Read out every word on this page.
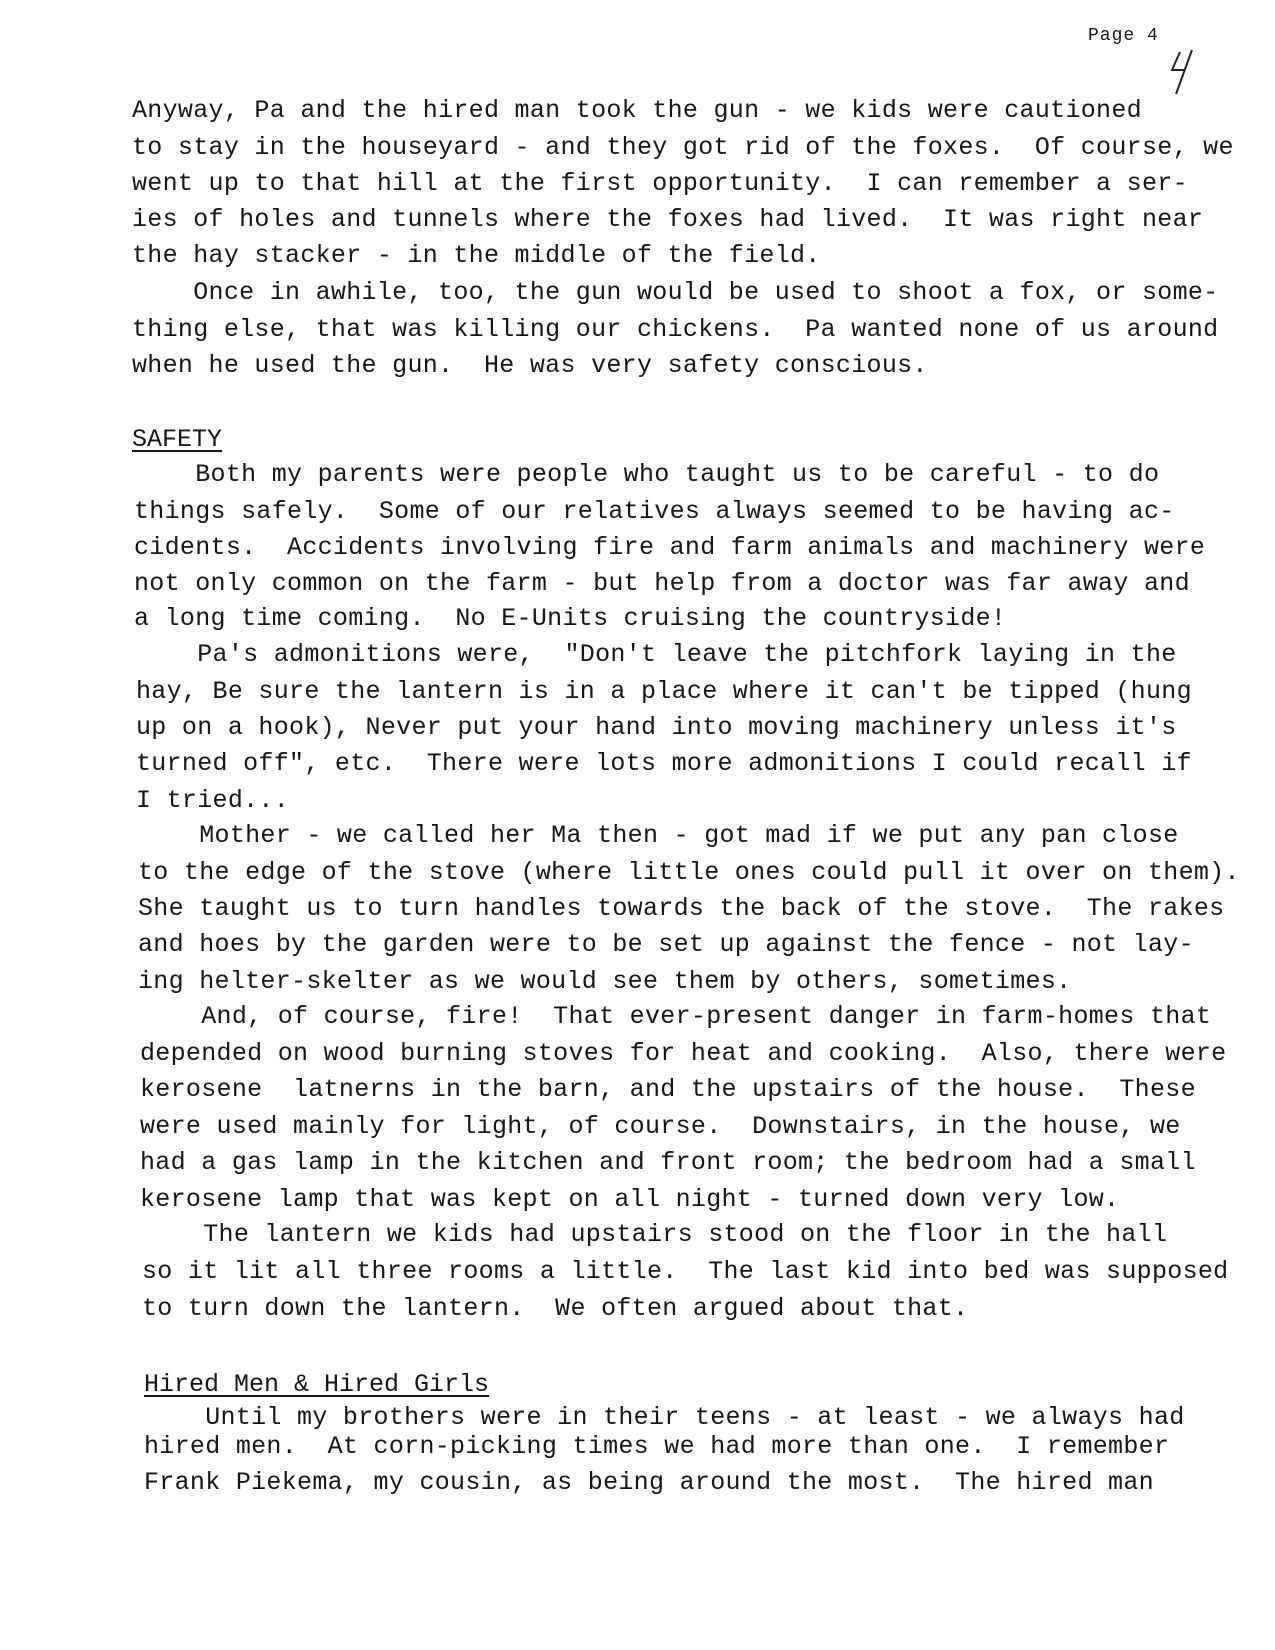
Page 4
Anyway, Pa and the hired man took the gun - we kids were cautioned
to stay in the houseyard - and they got rid of the foxes.  Of course, we
went up to that hill at the first opportunity.  I can remember a ser-
ies of holes and tunnels where the foxes had lived.  It was right near
the hay stacker - in the middle of the field.
Once in awhile, too, the gun would be used to shoot a fox, or some-
thing else, that was killing our chickens.  Pa wanted none of us around
when he used the gun.  He was very safety conscious.
SAFETY
Both my parents were people who taught us to be careful - to do
things safely.  Some of our relatives always seemed to be having ac-
cidents.  Accidents involving fire and farm animals and machinery were
not only common on the farm - but help from a doctor was far away and
a long time coming.  No E-Units cruising the countryside!
Pa's admonitions were,  "Don't leave the pitchfork laying in the
hay, Be sure the lantern is in a place where it can't be tipped (hung
up on a hook), Never put your hand into moving machinery unless it's
turned off", etc.  There were lots more admonitions I could recall if
I tried...
Mother - we called her Ma then - got mad if we put any pan close
to the edge of the stove (where little ones could pull it over on them).
She taught us to turn handles towards the back of the stove.  The rakes
and hoes by the garden were to be set up against the fence - not lay-
ing helter-skelter as we would see them by others, sometimes.
And, of course, fire!  That ever-present danger in farm-homes that
depended on wood burning stoves for heat and cooking.  Also, there were
kerosene  latnerns in the barn, and the upstairs of the house.  These
were used mainly for light, of course.  Downstairs, in the house, we
had a gas lamp in the kitchen and front room; the bedroom had a small
kerosene lamp that was kept on all night - turned down very low.
The lantern we kids had upstairs stood on the floor in the hall
so it lit all three rooms a little.  The last kid into bed was supposed
to turn down the lantern.  We often argued about that.
Hired Men & Hired Girls
Until my brothers were in their teens - at least - we always had
hired men.  At corn-picking times we had more than one.  I remember
Frank Piekema, my cousin, as being around the most.  The hired man
